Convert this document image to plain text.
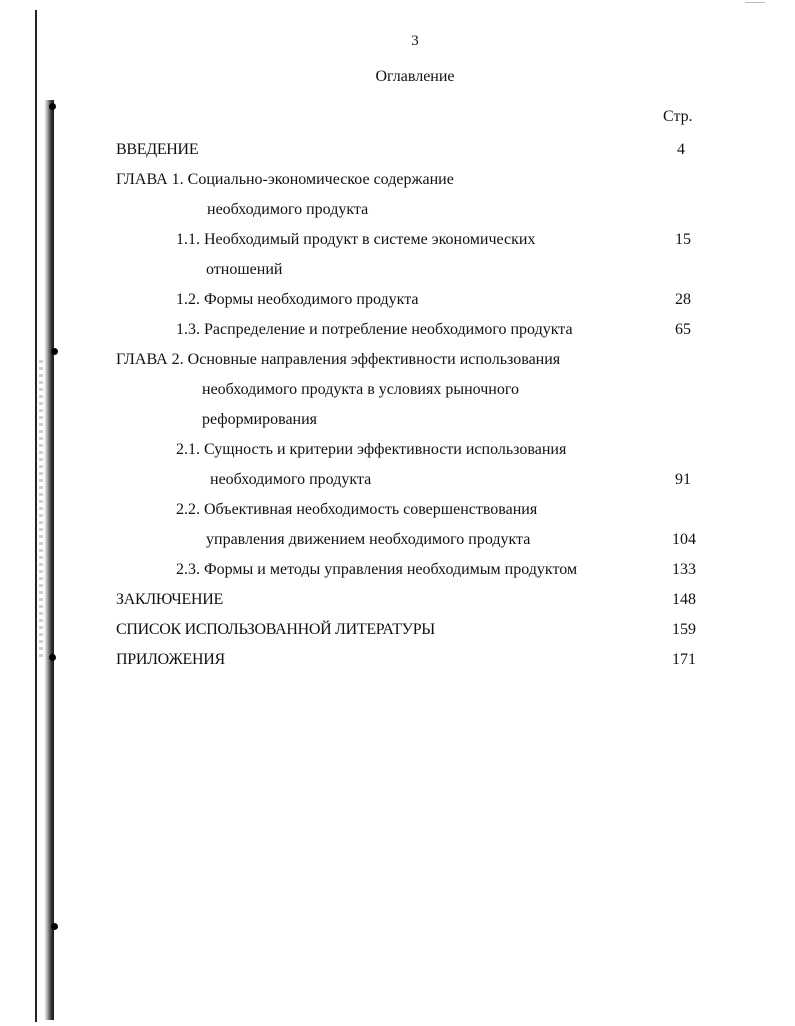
3
Оглавление
Стр.
ВВЕДЕНИЕ	4
ГЛАВА 1. Социально-экономическое содержание
необходимого продукта
1.1. Необходимый продукт в системе экономических	15
отношений
1.2. Формы необходимого продукта	28
1.3. Распределение и потребление необходимого продукта	65
ГЛАВА 2. Основные направления эффективности использования
необходимого продукта в условиях рыночного
реформирования
2.1. Сущность и критерии эффективности использования
необходимого продукта	91
2.2. Объективная необходимость совершенствования
управления движением необходимого продукта	104
2.3. Формы и методы управления необходимым продуктом	133
ЗАКЛЮЧЕНИЕ	148
СПИСОК ИСПОЛЬЗОВАННОЙ ЛИТЕРАТУРЫ	159
ПРИЛОЖЕНИЯ	171
